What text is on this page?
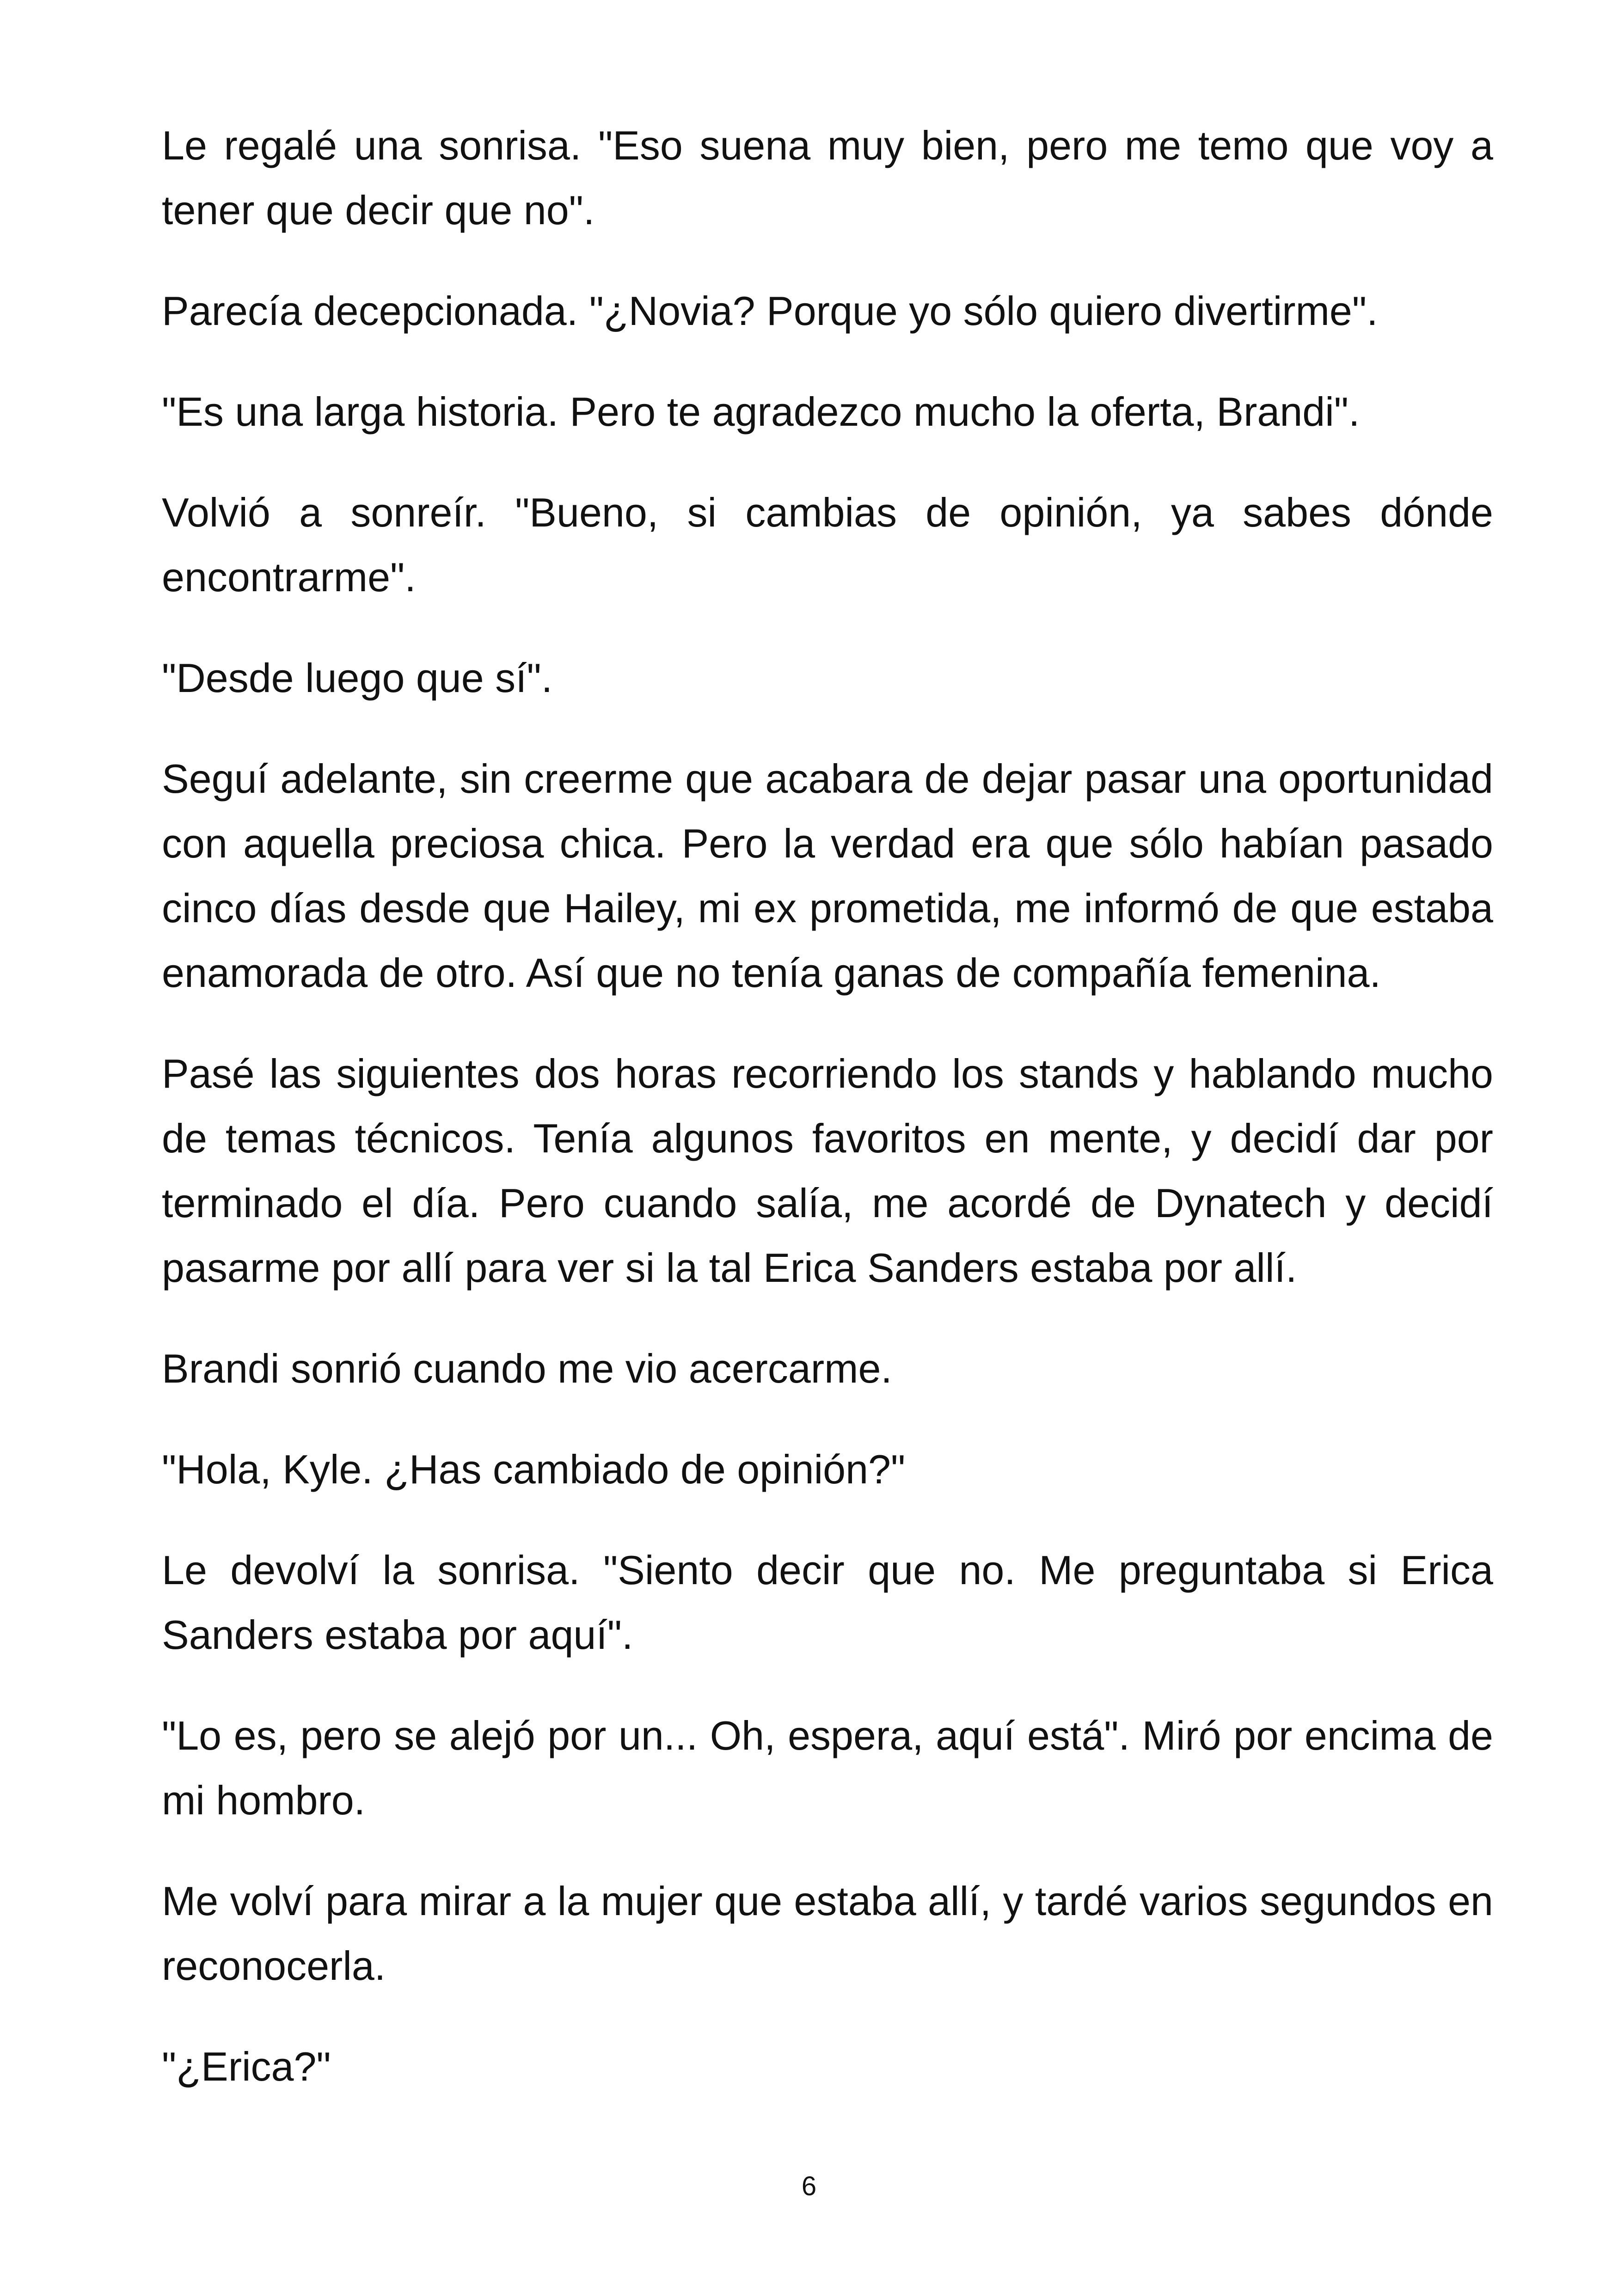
Le regalé una sonrisa. "Eso suena muy bien, pero me temo que voy a tener que decir que no".

Parecía decepcionada. "¿Novia? Porque yo sólo quiero divertirme".

"Es una larga historia. Pero te agradezco mucho la oferta, Brandi".

Volvió a sonreír. "Bueno, si cambias de opinión, ya sabes dónde encontrarme".

"Desde luego que sí".

Seguí adelante, sin creerme que acabara de dejar pasar una oportunidad con aquella preciosa chica. Pero la verdad era que sólo habían pasado cinco días desde que Hailey, mi ex prometida, me informó de que estaba enamorada de otro. Así que no tenía ganas de compañía femenina.

Pasé las siguientes dos horas recorriendo los stands y hablando mucho de temas técnicos. Tenía algunos favoritos en mente, y decidí dar por terminado el día. Pero cuando salía, me acordé de Dynatech y decidí pasarme por allí para ver si la tal Erica Sanders estaba por allí.

Brandi sonrió cuando me vio acercarme.

"Hola, Kyle. ¿Has cambiado de opinión?"

Le devolví la sonrisa. "Siento decir que no. Me preguntaba si Erica Sanders estaba por aquí".

"Lo es, pero se alejó por un... Oh, espera, aquí está". Miró por encima de mi hombro.

Me volví para mirar a la mujer que estaba allí, y tardé varios segundos en reconocerla.

"¿Erica?"

6
